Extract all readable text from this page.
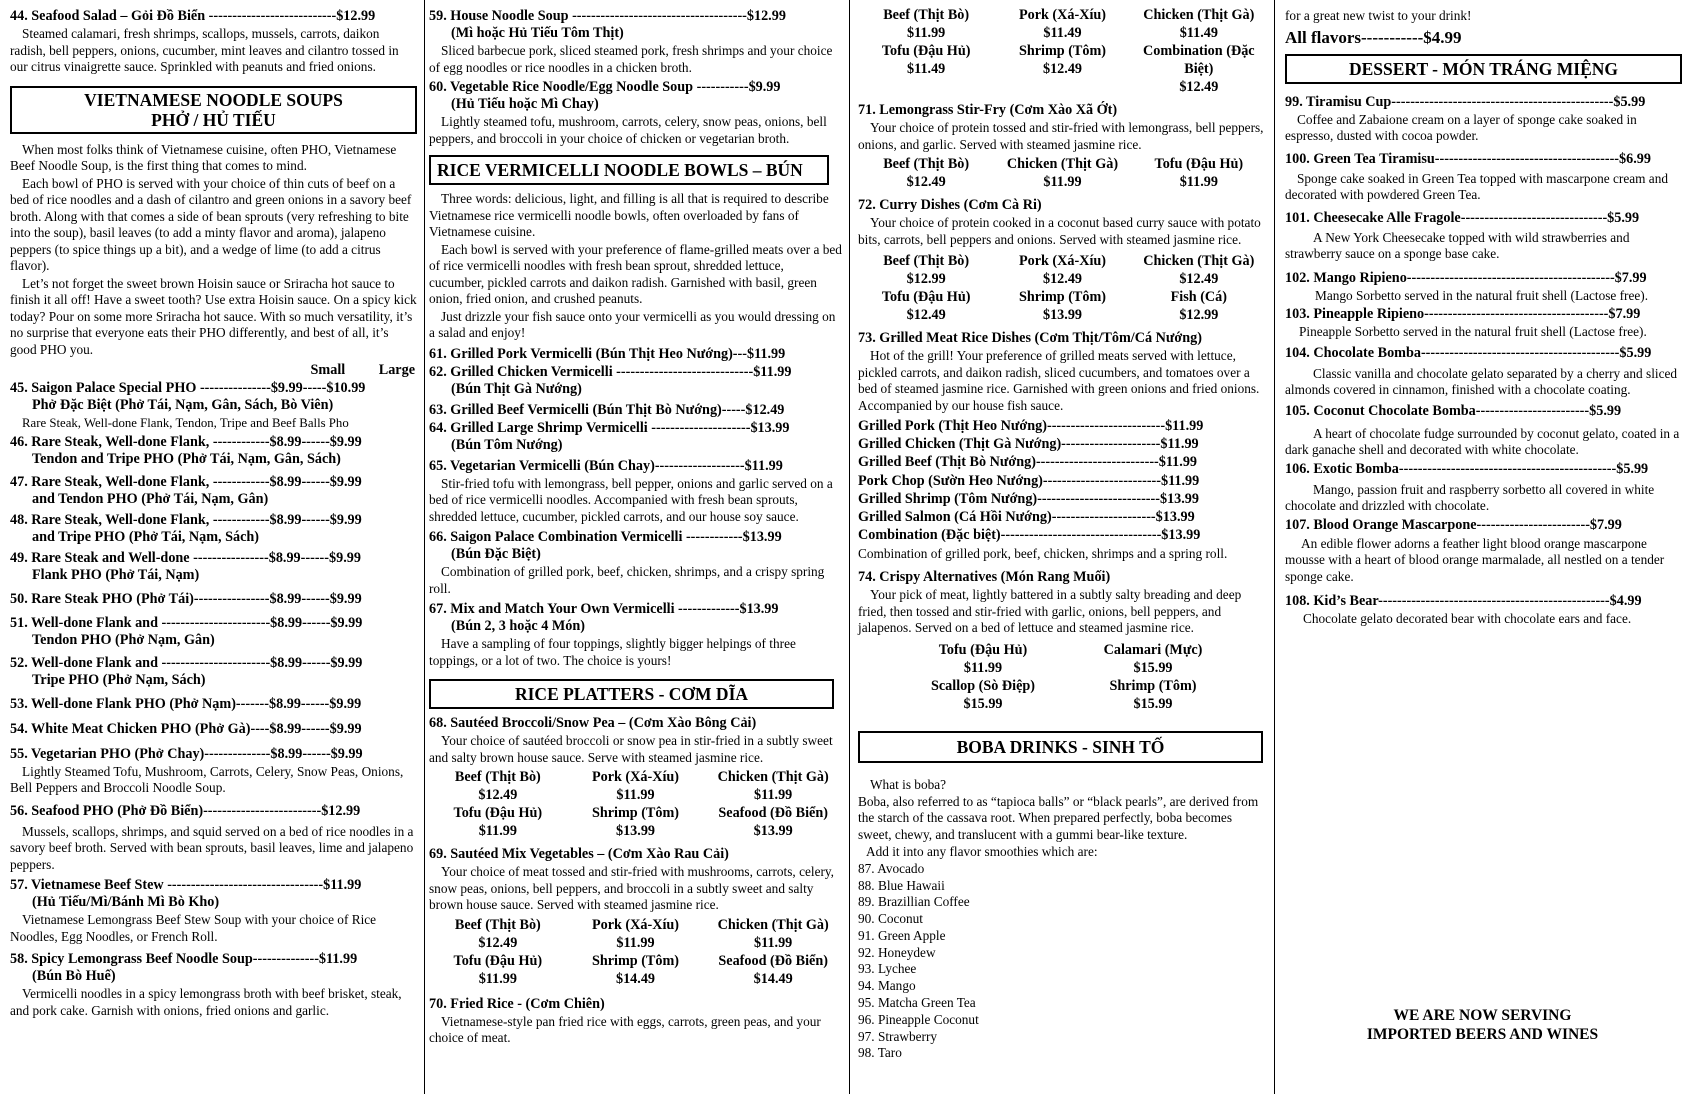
44. Seafood Salad – Gỏi Đồ Biển ---------------------------$12.99
Steamed calamari, fresh shrimps, scallops, mussels, carrots, daikon radish, bell peppers, onions, cucumber, mint leaves and cilantro tossed in our citrus vinaigrette sauce. Sprinkled with peanuts and fried onions.
VIETNAMESE NOODLE SOUPS
PHỞ / HỦ TIẾU
When most folks think of Vietnamese cuisine, often PHO, Vietnamese Beef Noodle Soup, is the first thing that comes to mind.
Each bowl of PHO is served with your choice of thin cuts of beef on a bed of rice noodles and a dash of cilantro and green onions in a savory beef broth. Along with that comes a side of bean sprouts (very refreshing to bite into the soup), basil leaves (to add a minty flavor and aroma), jalapeno peppers (to spice things up a bit), and a wedge of lime (to add a citrus flavor).
Let’s not forget the sweet brown Hoisin sauce or Sriracha hot sauce to finish it all off! Have a sweet tooth? Use extra Hoisin sauce. On a spicy kick today? Pour on some more Sriracha hot sauce. With so much versatility, it’s no surprise that everyone eats their PHO differently, and best of all, it’s good PHO you.
Small Large
45. Saigon Palace Special PHO ---------------$9.99-----$10.99
Phở Đặc Biệt (Phở Tái, Nạm, Gân, Sách, Bò Viên)
Rare Steak, Well-done Flank, Tendon, Tripe and Beef Balls Pho
46. Rare Steak, Well-done Flank, ------------$8.99------$9.99
Tendon and Tripe PHO (Phở Tái, Nạm, Gân, Sách)
47. Rare Steak, Well-done Flank, ------------$8.99------$9.99
and Tendon PHO (Phở Tái, Nạm, Gân)
48. Rare Steak, Well-done Flank, ------------$8.99------$9.99
and Tripe PHO (Phở Tái, Nạm, Sách)
49. Rare Steak and Well-done ----------------$8.99------$9.99
Flank PHO (Phở Tái, Nạm)
50. Rare Steak PHO (Phở Tái)----------------$8.99------$9.99
51. Well-done Flank and -----------------------$8.99------$9.99
Tendon PHO (Phở Nạm, Gân)
52. Well-done Flank and -----------------------$8.99------$9.99
Tripe PHO (Phở Nạm, Sách)
53. Well-done Flank PHO (Phở Nạm)-------$8.99------$9.99
54. White Meat Chicken PHO (Phở Gà)----$8.99------$9.99
55. Vegetarian PHO (Phở Chay)--------------$8.99------$9.99
Lightly Steamed Tofu, Mushroom, Carrots, Celery, Snow Peas, Onions, Bell Peppers and Broccoli Noodle Soup.
56. Seafood PHO (Phở Đồ Biển)-------------------------$12.99
Mussels, scallops, shrimps, and squid served on a bed of rice noodles in a savory beef broth. Served with bean sprouts, basil leaves, lime and jalapeno peppers.
57. Vietnamese Beef Stew ---------------------------------$11.99
(Hủ Tiếu/Mì/Bánh Mì Bò Kho)
Vietnamese Lemongrass Beef Stew Soup with your choice of Rice Noodles, Egg Noodles, or French Roll.
58. Spicy Lemongrass Beef Noodle Soup--------------$11.99
(Bún Bò Huế)
Vermicelli noodles in a spicy lemongrass broth with beef brisket, steak, and pork cake. Garnish with onions, fried onions and garlic.
59. House Noodle Soup -------------------------------------$12.99
(Mì hoặc Hủ Tiếu Tôm Thịt)
Sliced barbecue pork, sliced steamed pork, fresh shrimps and your choice of egg noodles or rice noodles in a chicken broth.
60. Vegetable Rice Noodle/Egg Noodle Soup -----------$9.99
(Hủ Tiếu hoặc Mì Chay)
Lightly steamed tofu, mushroom, carrots, celery, snow peas, onions, bell peppers, and broccoli in your choice of chicken or vegetarian broth.
RICE VERMICELLI NOODLE BOWLS – BÚN
Three words: delicious, light, and filling is all that is required to describe Vietnamese rice vermicelli noodle bowls, often overloaded by fans of Vietnamese cuisine.
Each bowl is served with your preference of flame-grilled meats over a bed of rice vermicelli noodles with fresh bean sprout, shredded lettuce, cucumber, pickled carrots and daikon radish. Garnished with basil, green onion, fried onion, and crushed peanuts.
Just drizzle your fish sauce onto your vermicelli as you would dressing on a salad and enjoy!
61. Grilled Pork Vermicelli (Bún Thịt Heo Nướng)---$11.99
62. Grilled Chicken Vermicelli -----------------------------$11.99
(Bún Thịt Gà Nướng)
63. Grilled Beef Vermicelli (Bún Thịt Bò Nướng)-----$12.49
64. Grilled Large Shrimp Vermicelli ---------------------$13.99
(Bún Tôm Nướng)
65. Vegetarian Vermicelli (Bún Chay)-------------------$11.99
Stir-fried tofu with lemongrass, bell pepper, onions and garlic served on a bed of rice vermicelli noodles. Accompanied with fresh bean sprouts, shredded lettuce, cucumber, pickled carrots, and our house soy sauce.
66. Saigon Palace Combination Vermicelli ------------$13.99
(Bún Đặc Biệt)
Combination of grilled pork, beef, chicken, shrimps, and a crispy spring roll.
67. Mix and Match Your Own Vermicelli -------------$13.99
(Bún 2, 3 hoặc 4 Món)
Have a sampling of four toppings, slightly bigger helpings of three toppings, or a lot of two. The choice is yours!
RICE PLATTERS - CƠM DĨA
68. Sautéed Broccoli/Snow Pea – (Cơm Xào Bông Cải)
Your choice of sautéed broccoli or snow pea in stir-fried in a subtly sweet and salty brown house sauce. Serve with steamed jasmine rice.
Beef (Thịt Bò)
$12.49
Pork (Xá-Xíu)
$11.99
Chicken (Thịt Gà)
$11.99
Tofu (Đậu Hủ)
$11.99
Shrimp (Tôm)
$13.99
Seafood (Đồ Biển)
$13.99
69. Sautéed Mix Vegetables – (Cơm Xào Rau Cải)
Your choice of meat tossed and stir-fried with mushrooms, carrots, celery, snow peas, onions, bell peppers, and broccoli in a subtly sweet and salty brown house sauce. Served with steamed jasmine rice.
Beef (Thịt Bò)
$12.49
Pork (Xá-Xíu)
$11.99
Chicken (Thịt Gà)
$11.99
Tofu (Đậu Hủ)
$11.99
Shrimp (Tôm)
$14.49
Seafood (Đồ Biển)
$14.49
70. Fried Rice - (Cơm Chiên)
Vietnamese-style pan fried rice with eggs, carrots, green peas, and your choice of meat.
Beef (Thịt Bò)
$11.99
Pork (Xá-Xíu)
$11.49
Chicken (Thịt Gà)
$11.49
Tofu (Đậu Hủ)
$11.49
Shrimp (Tôm)
$12.49
Combination (Đặc Biệt)
$12.49
71. Lemongrass Stir-Fry (Cơm Xào Xã Ớt)
Your choice of protein tossed and stir-fried with lemongrass, bell peppers, onions, and garlic. Served with steamed jasmine rice.
Beef (Thịt Bò)
$12.49
Chicken (Thịt Gà)
$11.99
Tofu (Đậu Hủ)
$11.99
72. Curry Dishes (Cơm Cà Ri)
Your choice of protein cooked in a coconut based curry sauce with potato bits, carrots, bell peppers and onions. Served with steamed jasmine rice.
Beef (Thịt Bò)
$12.99
Pork (Xá-Xíu)
$12.49
Chicken (Thịt Gà)
$12.49
Tofu (Đậu Hủ)
$12.49
Shrimp (Tôm)
$13.99
Fish (Cá)
$12.99
73. Grilled Meat Rice Dishes (Cơm Thịt/Tôm/Cá Nướng)
Hot of the grill! Your preference of grilled meats served with lettuce, pickled carrots, and daikon radish, sliced cucumbers, and tomatoes over a bed of steamed jasmine rice. Garnished with green onions and fried onions. Accompanied by our house fish sauce.
Grilled Pork (Thịt Heo Nướng)-------------------------$11.99
Grilled Chicken (Thịt Gà Nướng)---------------------$11.99
Grilled Beef (Thịt Bò Nướng)--------------------------$11.99
Pork Chop (Sườn Heo Nướng)-------------------------$11.99
Grilled Shrimp (Tôm Nướng)--------------------------$13.99
Grilled Salmon (Cá Hồi Nướng)----------------------$13.99
Combination (Đặc biệt)----------------------------------$13.99
Combination of grilled pork, beef, chicken, shrimps and a spring roll.
74. Crispy Alternatives (Món Rang Muối)
Your pick of meat, lightly battered in a subtly salty breading and deep fried, then tossed and stir-fried with garlic, onions, bell peppers, and jalapenos. Served on a bed of lettuce and steamed jasmine rice.
Tofu (Đậu Hủ)
$11.99
Calamari (Mực)
$15.99
Scallop (Sò Điệp)
$15.99
Shrimp (Tôm)
$15.99
BOBA DRINKS - SINH TỐ
What is boba?
Boba, also referred to as “tapioca balls” or “black pearls”, are derived from the starch of the cassava root. When prepared perfectly, boba becomes sweet, chewy, and translucent with a gummi bear-like texture.
Add it into any flavor smoothies which are:
87. Avocado
88. Blue Hawaii
89. Brazillian Coffee
90. Coconut
91. Green Apple
92. Honeydew
93. Lychee
94. Mango
95. Matcha Green Tea
96. Pineapple Coconut
97. Strawberry
98. Taro
for a great new twist to your drink!
All flavors-----------$4.99
DESSERT - MÓN TRÁNG MIỆNG
99. Tiramisu Cup-----------------------------------------------$5.99
Coffee and Zabaione cream on a layer of sponge cake soaked in espresso, dusted with cocoa powder.
100. Green Tea Tiramisu---------------------------------------$6.99
Sponge cake soaked in Green Tea topped with mascarpone cream and decorated with powdered Green Tea.
101. Cheesecake Alle Fragole-------------------------------$5.99
A New York Cheesecake topped with wild strawberries and strawberry sauce on a sponge base cake.
102. Mango Ripieno--------------------------------------------$7.99
Mango Sorbetto served in the natural fruit shell (Lactose free).
103. Pineapple Ripieno---------------------------------------$7.99
Pineapple Sorbetto served in the natural fruit shell (Lactose free).
104. Chocolate Bomba------------------------------------------$5.99
Classic vanilla and chocolate gelato separated by a cherry and sliced almonds covered in cinnamon, finished with a chocolate coating.
105. Coconut Chocolate Bomba------------------------$5.99
A heart of chocolate fudge surrounded by coconut gelato, coated in a dark ganache shell and decorated with white chocolate.
106. Exotic Bomba----------------------------------------------$5.99
Mango, passion fruit and raspberry sorbetto all covered in white chocolate and drizzled with chocolate.
107. Blood Orange Mascarpone------------------------$7.99
An edible flower adorns a feather light blood orange mascarpone mousse with a heart of blood orange marmalade, all nestled on a tender sponge cake.
108. Kid’s Bear-------------------------------------------------$4.99
Chocolate gelato decorated bear with chocolate ears and face.
WE ARE NOW SERVING
IMPORTED BEERS AND WINES
